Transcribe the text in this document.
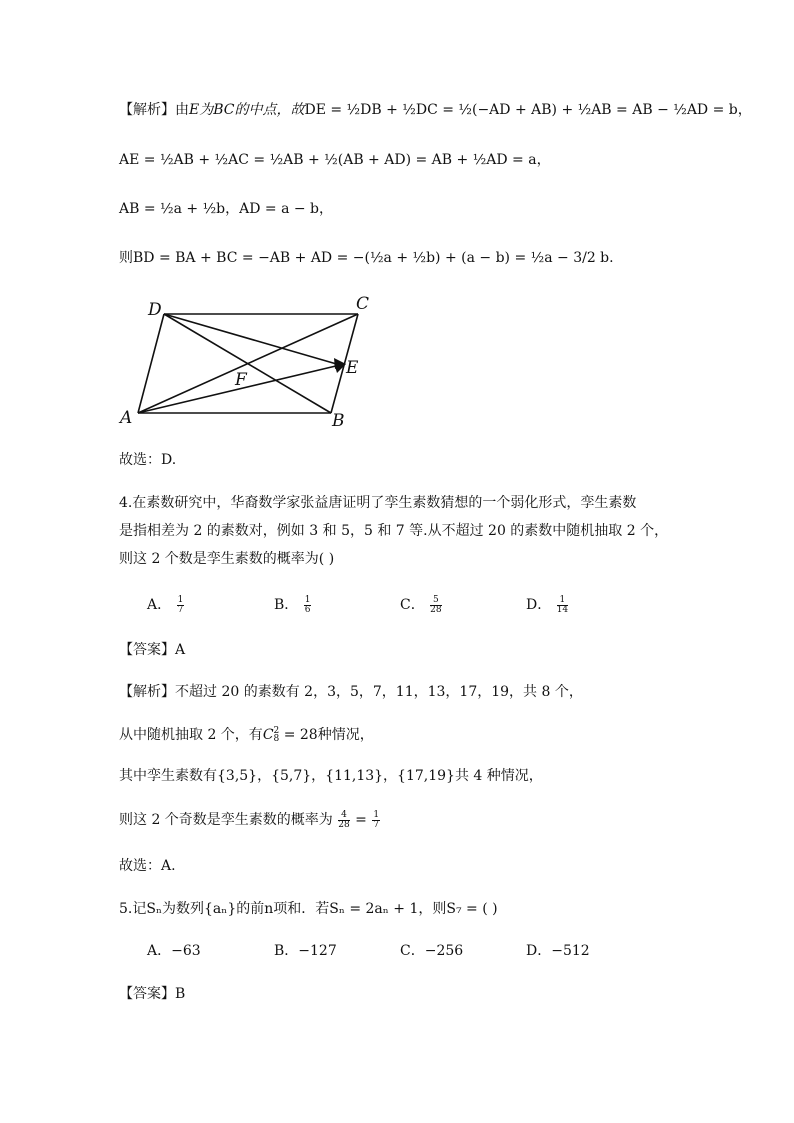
【解析】由E为BC的中点，故DE = ½DB + ½DC = ½(−AD + AB) + ½AB = AB − ½AD = b，
AE = ½AB + ½AC = ½AB + ½(AB + AD) = AB + ½AD = a，
AB = ½a + ½b，AD = a − b，
则BD = BA + BC = −AB + AD = −(½a + ½b) + (a − b) = ½a − 3/2 b.
A	B
C
D
E
F
故选：D.
4.在素数研究中，华裔数学家张益唐证明了孪生素数猜想的一个弱化形式，孪生素数
是指相差为 2 的素数对，例如 3 和 5，5 和 7 等.从不超过 20 的素数中随机抽取 2 个，
则这 2 个数是孪生素数的概率为( )
A． $\frac{1}{7}$	B． $\frac{1}{6}$	C． $\frac{5}{28}$	D． $\frac{1}{14}$
【答案】A
【解析】不超过 20 的素数有 2，3，5，7，11，13，17，19，共 8 个，
从中随机抽取 2 个，有C 2
8 = 28种情况，
其中孪生素数有{3,5}，{5,7}，{11,13}，{17,19}共 4 种情况，
则这 2 个奇数是孪生素数的概率为 $\frac{4}{28} = \frac{1}{7}$
故选：A.
5.记Sₙ为数列{aₙ}的前n项和．若Sₙ = 2aₙ + 1，则S₇ = ( )
A．−63	B．−127	C．−256	D．−512
【答案】B
